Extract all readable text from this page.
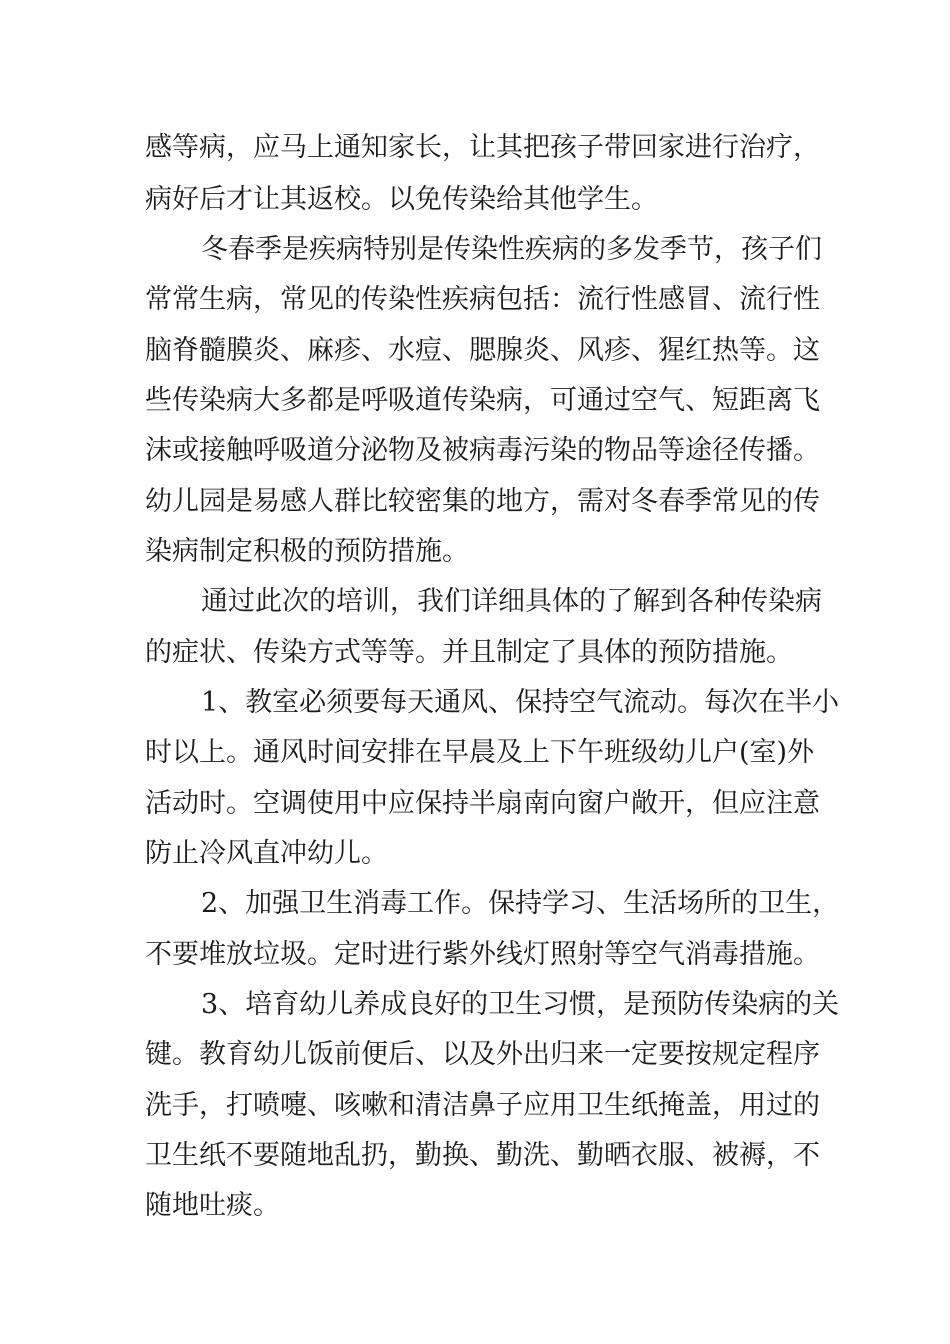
感等病，应马上通知家长，让其把孩子带回家进行治疗，
病好后才让其返校。以免传染给其他学生。
冬春季是疾病特别是传染性疾病的多发季节，孩子们
常常生病，常见的传染性疾病包括：流行性感冒、流行性
脑脊髓膜炎、麻疹、水痘、腮腺炎、风疹、猩红热等。这
些传染病大多都是呼吸道传染病，可通过空气、短距离飞
沫或接触呼吸道分泌物及被病毒污染的物品等途径传播。
幼儿园是易感人群比较密集的地方，需对冬春季常见的传
染病制定积极的预防措施。
通过此次的培训，我们详细具体的了解到各种传染病
的症状、传染方式等等。并且制定了具体的预防措施。
1、教室必须要每天通风、保持空气流动。每次在半小
时以上。通风时间安排在早晨及上下午班级幼儿户(室)外
活动时。空调使用中应保持半扇南向窗户敞开，但应注意
防止冷风直冲幼儿。
2、加强卫生消毒工作。保持学习、生活场所的卫生，
不要堆放垃圾。定时进行紫外线灯照射等空气消毒措施。
3、培育幼儿养成良好的卫生习惯，是预防传染病的关
键。教育幼儿饭前便后、以及外出归来一定要按规定程序
洗手，打喷嚏、咳嗽和清洁鼻子应用卫生纸掩盖，用过的
卫生纸不要随地乱扔，勤换、勤洗、勤晒衣服、被褥，不
随地吐痰。
